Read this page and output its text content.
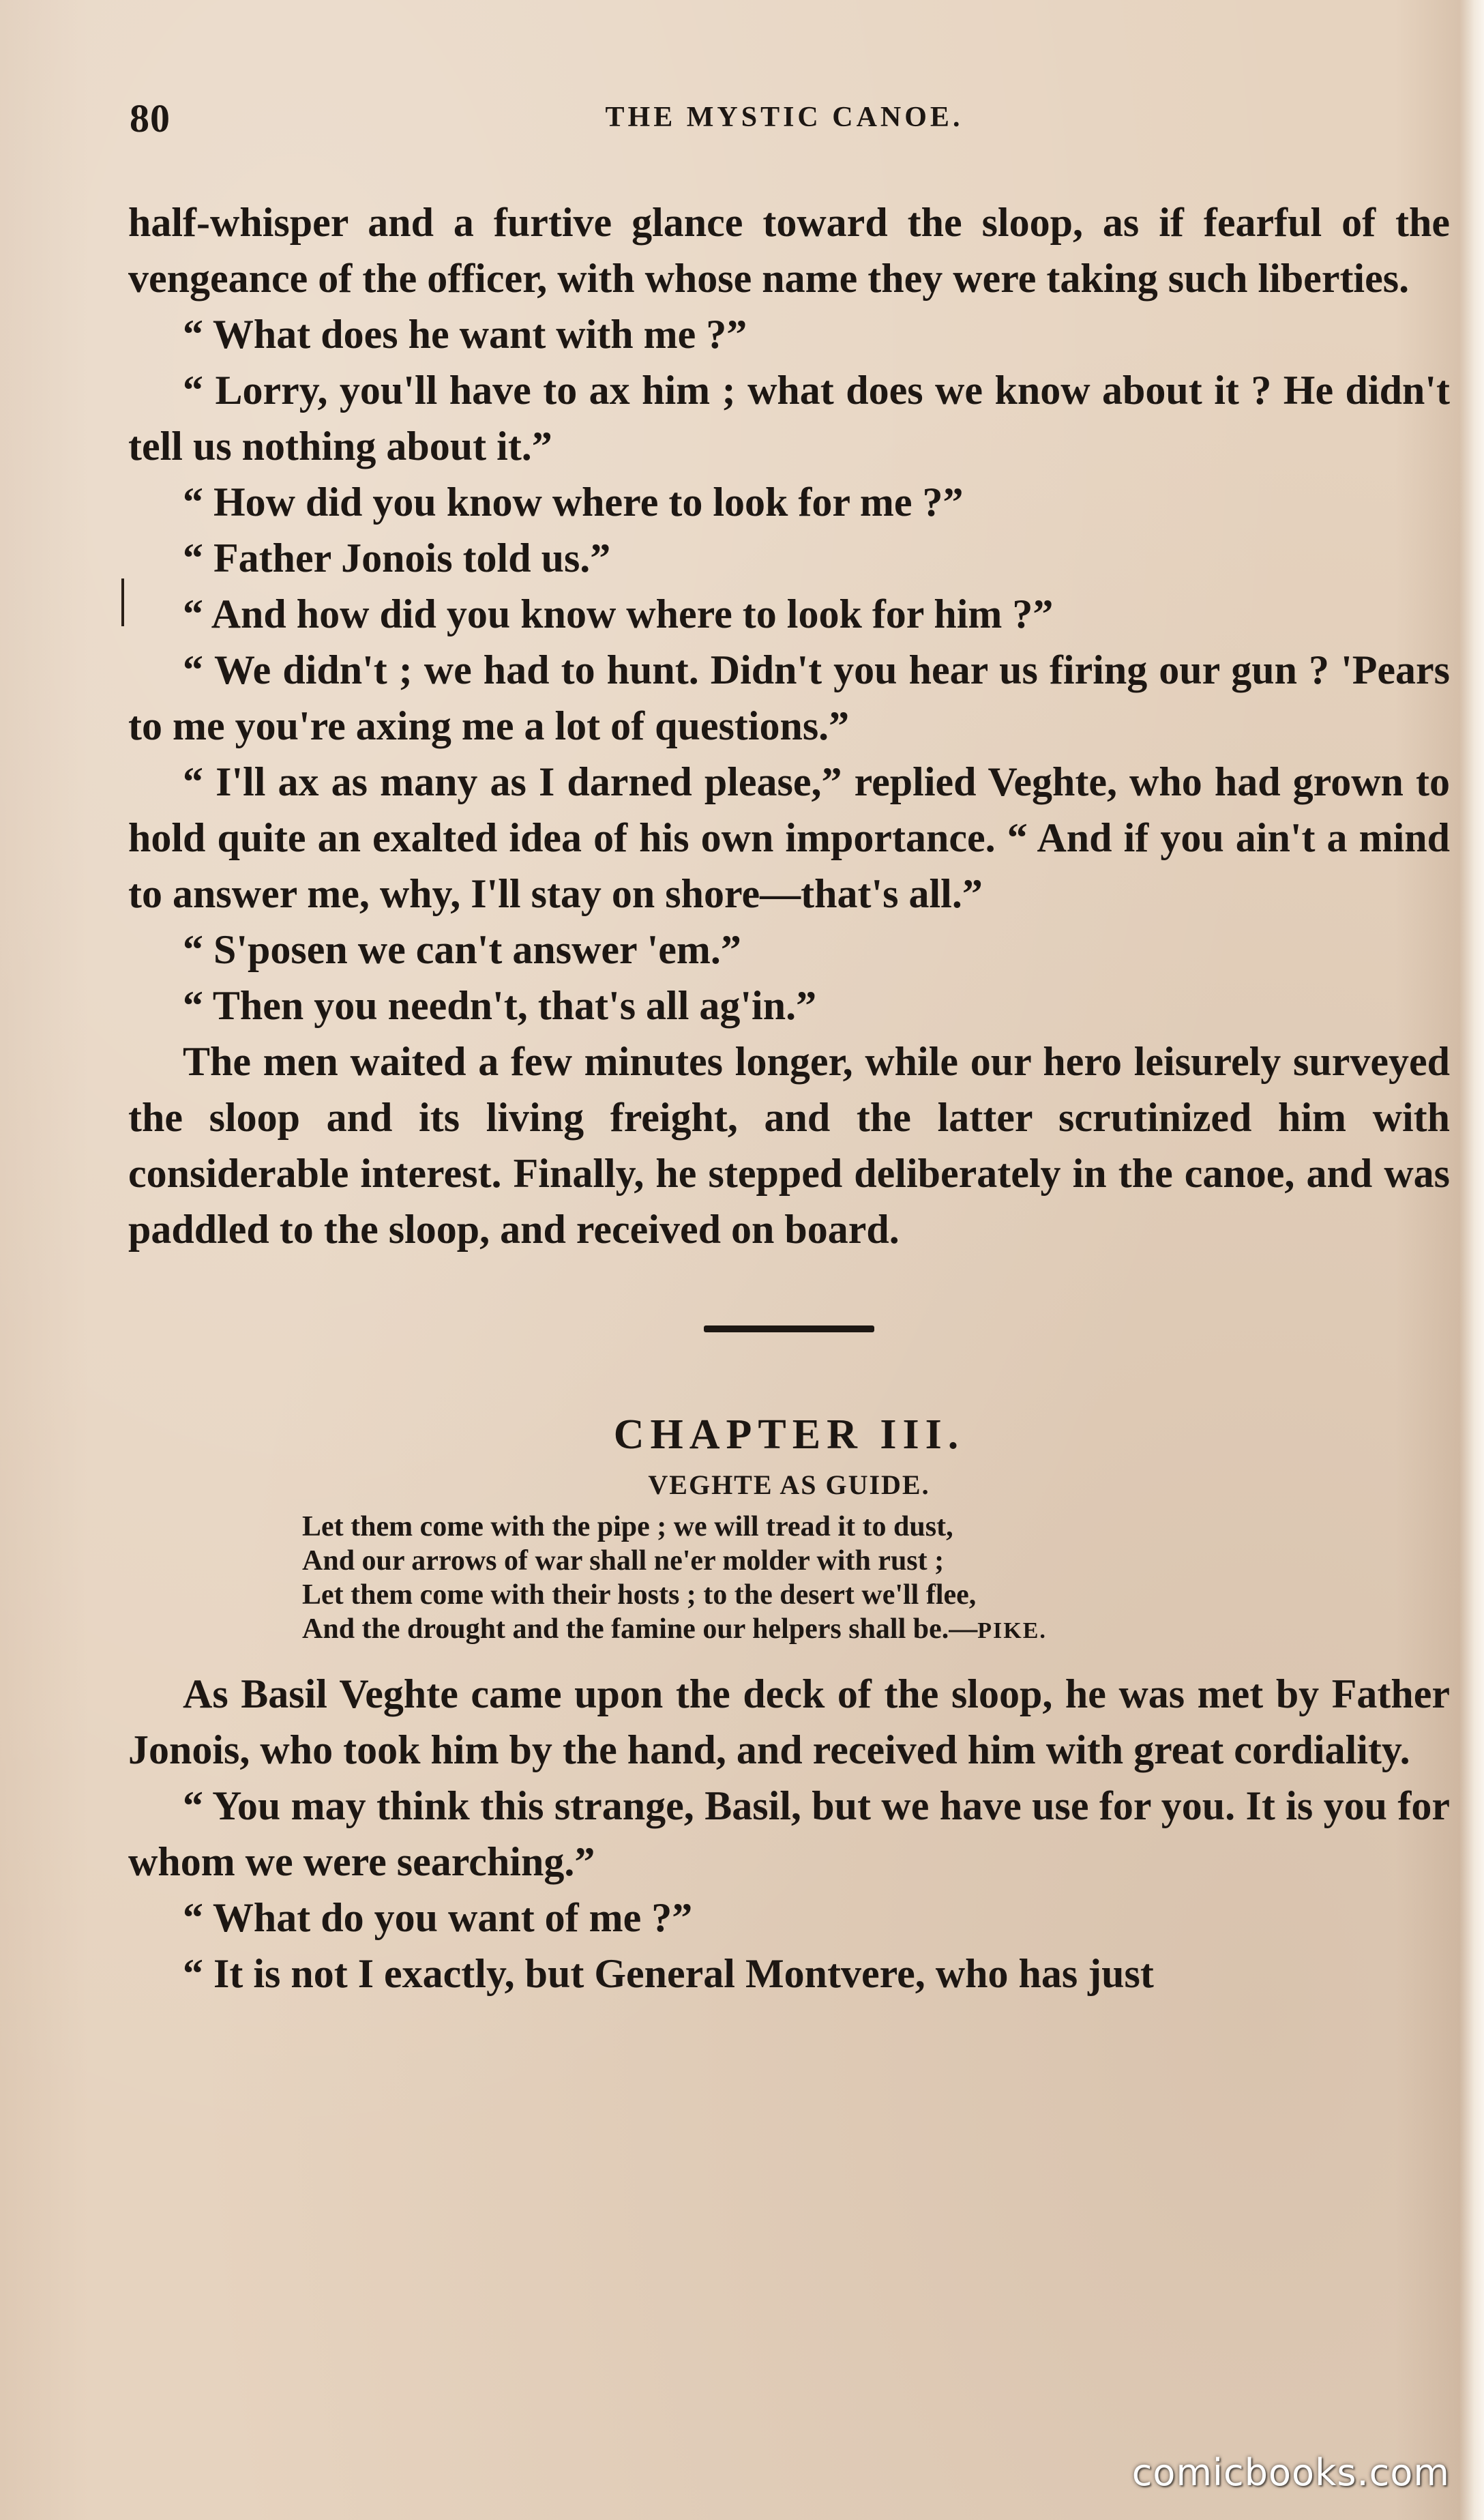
80	THE MYSTIC CANOE.

half-whisper and a furtive glance toward the sloop, as if fearful of the vengeance of the officer, with whose name they were taking such liberties.

“ What does he want with me ?”

“ Lorry, you'll have to ax him ; what does we know about it ? He didn't tell us nothing about it.”

“ How did you know where to look for me ?”

“ Father Jonois told us.”

“ And how did you know where to look for him ?”

“ We didn't ; we had to hunt. Didn't you hear us firing our gun ? 'Pears to me you're axing me a lot of questions.”

“ I'll ax as many as I darned please,” replied Veghte, who had grown to hold quite an exalted idea of his own importance. “ And if you ain't a mind to answer me, why, I'll stay on shore—that's all.”

“ S'posen we can't answer 'em.”

“ Then you needn't, that's all ag'in.”

The men waited a few minutes longer, while our hero leisurely surveyed the sloop and its living freight, and the latter scrutinized him with considerable interest. Finally, he stepped deliberately in the canoe, and was paddled to the sloop, and received on board.

CHAPTER III.

VEGHTE AS GUIDE.

Let them come with the pipe ; we will tread it to dust,
And our arrows of war shall ne'er molder with rust ;
Let them come with their hosts ; to the desert we'll flee,
And the drought and the famine our helpers shall be.—PIKE.

As Basil Veghte came upon the deck of the sloop, he was met by Father Jonois, who took him by the hand, and received him with great cordiality.

“ You may think this strange, Basil, but we have use for you. It is you for whom we were searching.”

“ What do you want of me ?”

“ It is not I exactly, but General Montvere, who has just

comicbooks.com
